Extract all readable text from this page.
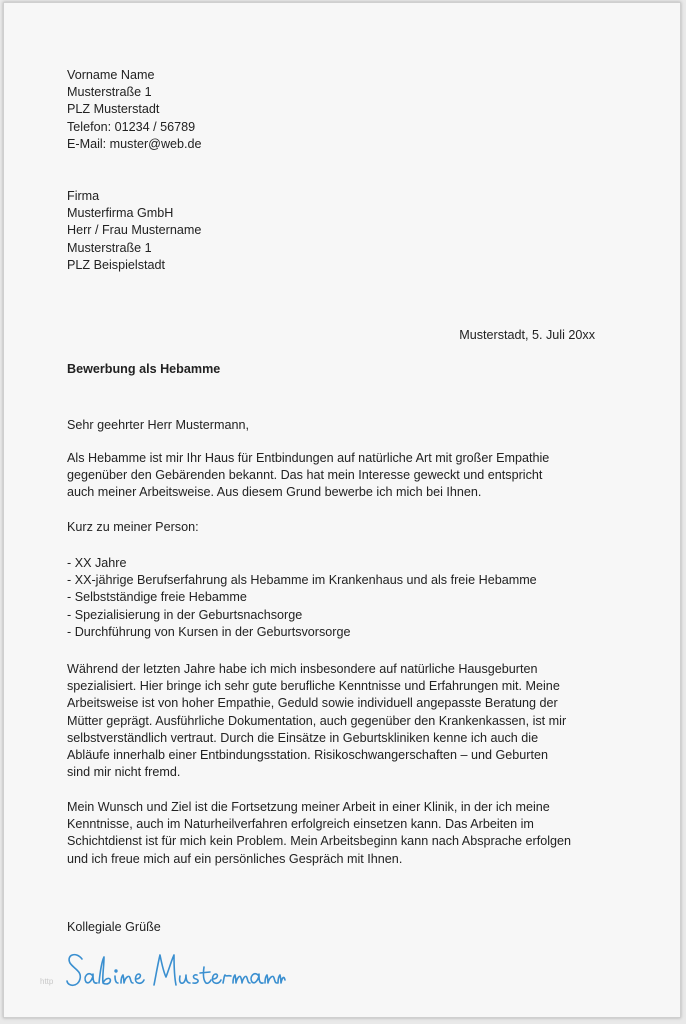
Vorname Name
Musterstraße 1
PLZ Musterstadt
Telefon: 01234 / 56789
E-Mail: muster@web.de
Firma
Musterfirma GmbH
Herr / Frau Mustername
Musterstraße 1
PLZ Beispielstadt
Musterstadt, 5. Juli 20xx
Bewerbung als Hebamme
Sehr geehrter Herr Mustermann,
Als Hebamme ist mir Ihr Haus für Entbindungen auf natürliche Art mit großer Empathie
gegenüber den Gebärenden bekannt. Das hat mein Interesse geweckt und entspricht
auch meiner Arbeitsweise. Aus diesem Grund bewerbe ich mich bei Ihnen.
Kurz zu meiner Person:
- XX Jahre
- XX-jährige Berufserfahrung als Hebamme im Krankenhaus und als freie Hebamme
- Selbstständige freie Hebamme
- Spezialisierung in der Geburtsnachsorge
- Durchführung von Kursen in der Geburtsvorsorge
Während der letzten Jahre habe ich mich insbesondere auf natürliche Hausgeburten
spezialisiert. Hier bringe ich sehr gute berufliche Kenntnisse und Erfahrungen mit. Meine
Arbeitsweise ist von hoher Empathie, Geduld sowie individuell angepasste Beratung der
Mütter geprägt. Ausführliche Dokumentation, auch gegenüber den Krankenkassen, ist mir
selbstverständlich vertraut. Durch die Einsätze in Geburtskliniken kenne ich auch die
Abläufe innerhalb einer Entbindungsstation. Risikoschwangerschaften – und Geburten
sind mir nicht fremd.
Mein Wunsch und Ziel ist die Fortsetzung meiner Arbeit in einer Klinik, in der ich meine
Kenntnisse, auch im Naturheilverfahren erfolgreich einsetzen kann. Das Arbeiten im
Schichtdienst ist für mich kein Problem. Mein Arbeitsbeginn kann nach Absprache erfolgen
und ich freue mich auf ein persönliches Gespräch mit Ihnen.
Kollegiale Grüße
http
